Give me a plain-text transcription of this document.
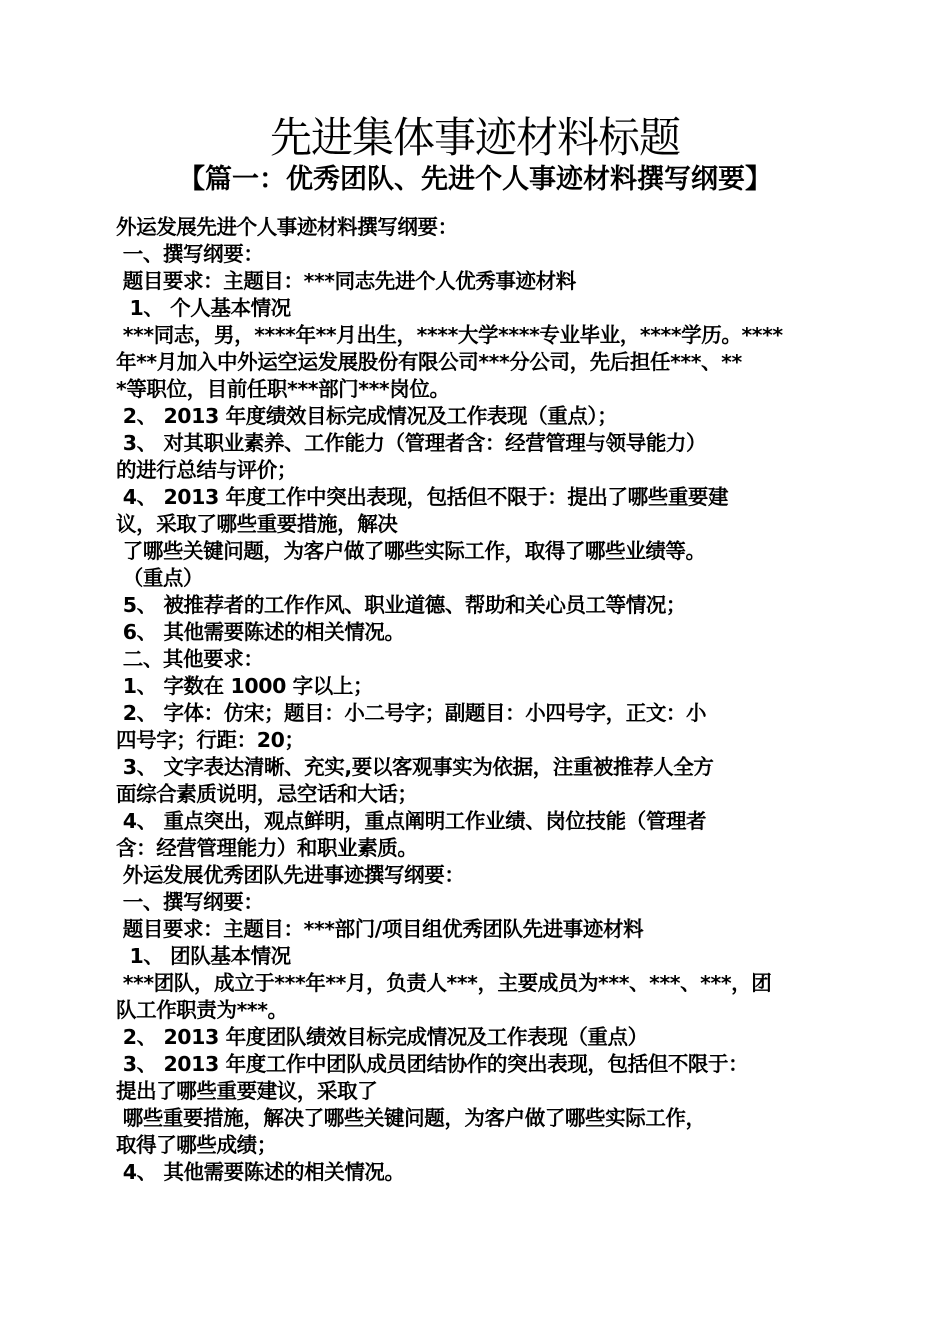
先进集体事迹材料标题
【篇一：优秀团队、先进个人事迹材料撰写纲要】
外运发展先进个人事迹材料撰写纲要：
一、撰写纲要：
题目要求：主题目：***同志先进个人优秀事迹材料
1、 个人基本情况
***同志，男，****年**月出生，****大学****专业毕业，****学历。****
年**月加入中外运空运发展股份有限公司***分公司，先后担任***、**
*等职位，目前任职***部门***岗位。
2、 2013 年度绩效目标完成情况及工作表现（重点）；
3、 对其职业素养、工作能力（管理者含：经营管理与领导能力）
的进行总结与评价；
4、 2013 年度工作中突出表现，包括但不限于：提出了哪些重要建
议，采取了哪些重要措施，解决
了哪些关键问题，为客户做了哪些实际工作，取得了哪些业绩等。
（重点）
5、 被推荐者的工作作风、职业道德、帮助和关心员工等情况；
6、 其他需要陈述的相关情况。
二、其他要求：
1、 字数在 1000 字以上；
2、 字体：仿宋；题目：小二号字；副题目：小四号字，正文：小
四号字；行距：20；
3、 文字表达清晰、充实,要以客观事实为依据，注重被推荐人全方
面综合素质说明，忌空话和大话；
4、 重点突出，观点鲜明，重点阐明工作业绩、岗位技能（管理者
含：经营管理能力）和职业素质。
外运发展优秀团队先进事迹撰写纲要：
一、撰写纲要：
题目要求：主题目：***部门/项目组优秀团队先进事迹材料
1、 团队基本情况
***团队，成立于***年**月，负责人***，主要成员为***、***、***，团
队工作职责为***。
2、 2013 年度团队绩效目标完成情况及工作表现（重点）
3、 2013 年度工作中团队成员团结协作的突出表现，包括但不限于：
提出了哪些重要建议，采取了
哪些重要措施，解决了哪些关键问题，为客户做了哪些实际工作，
取得了哪些成绩；
4、 其他需要陈述的相关情况。
